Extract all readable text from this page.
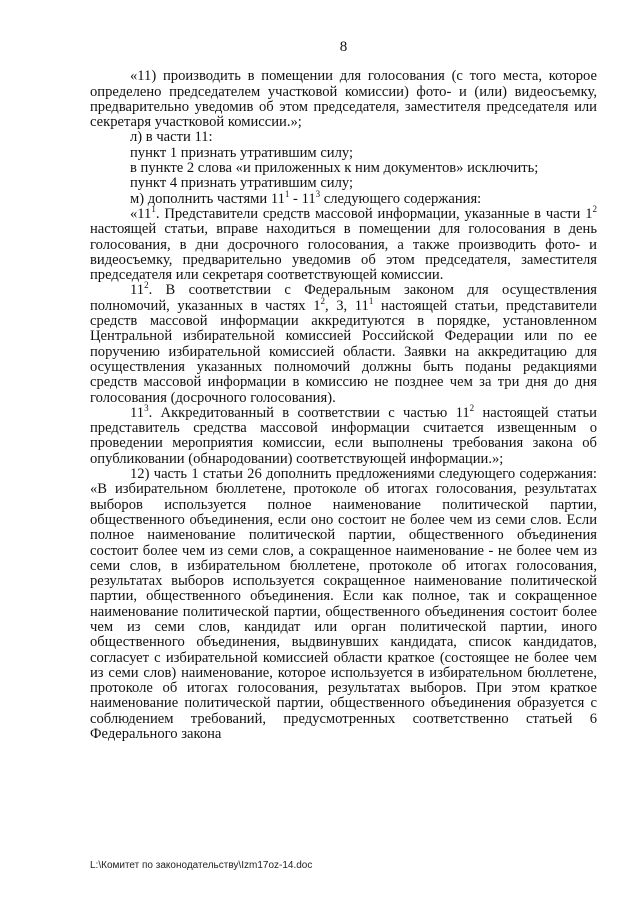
8

«11) производить в помещении для голосования (с того места, которое определено председателем участковой комиссии) фото- и (или) видеосъемку, предварительно уведомив об этом председателя, заместителя председателя или секретаря участковой комиссии.»;

л) в части 11:

пункт 1 признать утратившим силу;

в пункте 2 слова «и приложенных к ним документов» исключить;

пункт 4 признать утратившим силу;

м) дополнить частями $11^1 - 11^3$ следующего содержания:

«$11^1$. Представители средств массовой информации, указанные в части $1^2$ настоящей статьи, вправе находиться в помещении для голосования в день голосования, в дни досрочного голосования, а также производить фото- и видеосъемку, предварительно уведомив об этом председателя, заместителя председателя или секретаря соответствующей комиссии.

$11^2$. В соответствии с Федеральным законом для осуществления полномочий, указанных в частях $1^2$, 3, $11^1$ настоящей статьи, представители средств массовой информации аккредитуются в порядке, установленном Центральной избирательной комиссией Российской Федерации или по ее поручению избирательной комиссией области. Заявки на аккредитацию для осуществления указанных полномочий должны быть поданы редакциями средств массовой информации в комиссию не позднее чем за три дня до дня голосования (досрочного голосования).

$11^3$. Аккредитованный в соответствии с частью $11^2$ настоящей статьи представитель средства массовой информации считается извещенным о проведении мероприятия комиссии, если выполнены требования закона об опубликовании (обнародовании) соответствующей информации.»;

12) часть 1 статьи 26 дополнить предложениями следующего содержания: «В избирательном бюллетене, протоколе об итогах голосования, результатах выборов используется полное наименование политической партии, общественного объединения, если оно состоит не более чем из семи слов. Если полное наименование политической партии, общественного объединения состоит более чем из семи слов, а сокращенное наименование - не более чем из семи слов, в избирательном бюллетене, протоколе об итогах голосования, результатах выборов используется сокращенное наименование политической партии, общественного объединения. Если как полное, так и сокращенное наименование политической партии, общественного объединения состоит более чем из семи слов, кандидат или орган политической партии, иного общественного объединения, выдвинувших кандидата, список кандидатов, согласует с избирательной комиссией области краткое (состоящее не более чем из семи слов) наименование, которое используется в избирательном бюллетене, протоколе об итогах голосования, результатах выборов. При этом краткое наименование политической партии, общественного объединения образуется с соблюдением требований, предусмотренных соответственно статьей 6 Федерального закона

L:\Комитет по законодательству\Izm17oz-14.doc
